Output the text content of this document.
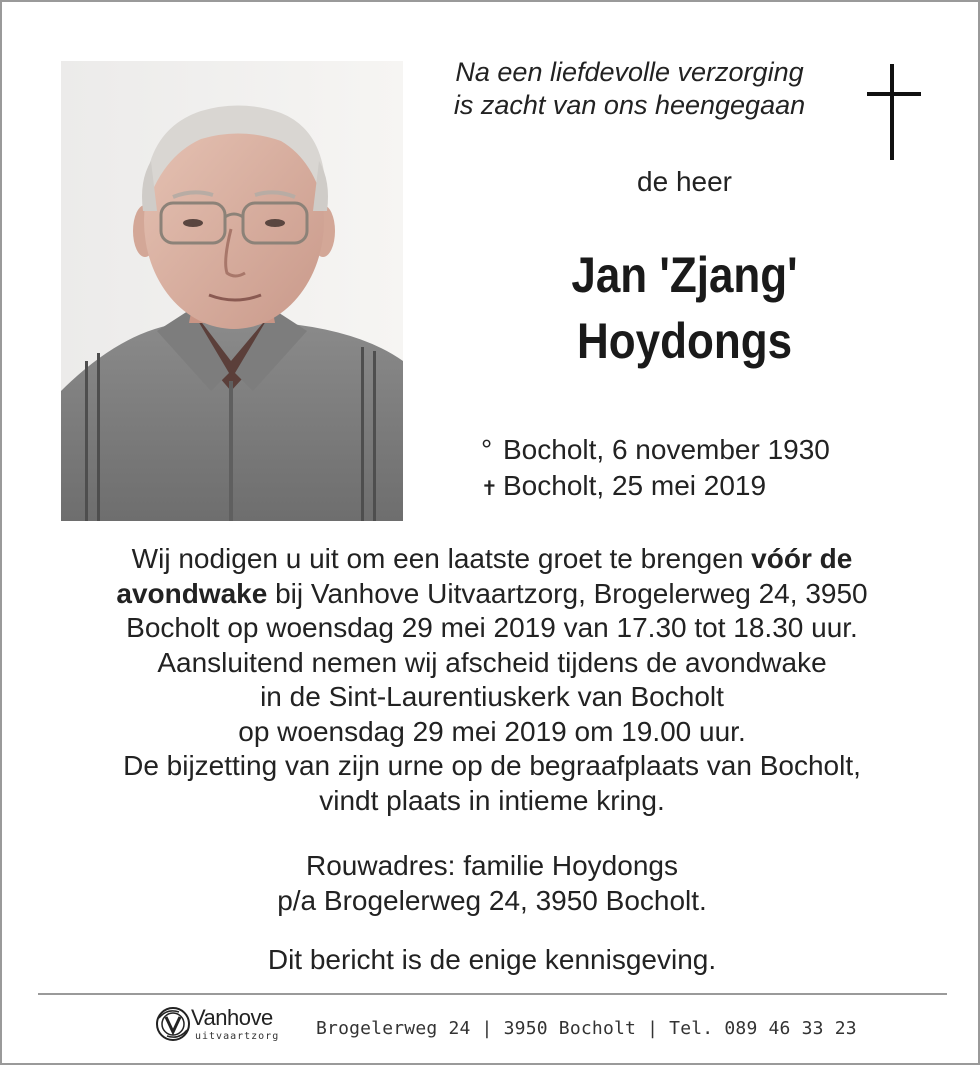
Na een liefdevolle verzorging
is zacht van ons heengegaan
de heer
Jan 'Zjang'
Hoydongs
° Bocholt, 6 november 1930
✝ Bocholt, 25 mei 2019
Wij nodigen u uit om een laatste groet te brengen vóór de avondwake bij Vanhove Uitvaartzorg, Brogelerweg 24, 3950 Bocholt op woensdag 29 mei 2019 van 17.30 tot 18.30 uur.
Aansluitend nemen wij afscheid tijdens de avondwake
in de Sint-Laurentiuskerk van Bocholt
op woensdag 29 mei 2019 om 19.00 uur.
De bijzetting van zijn urne op de begraafplaats van Bocholt,
vindt plaats in intieme kring.
Rouwadres: familie Hoydongs
p/a Brogelerweg 24, 3950 Bocholt.
Dit bericht is de enige kennisgeving.
Vanhove
uitvaartzorg Brogelerweg 24 | 3950 Bocholt | Tel. 089 46 33 23
